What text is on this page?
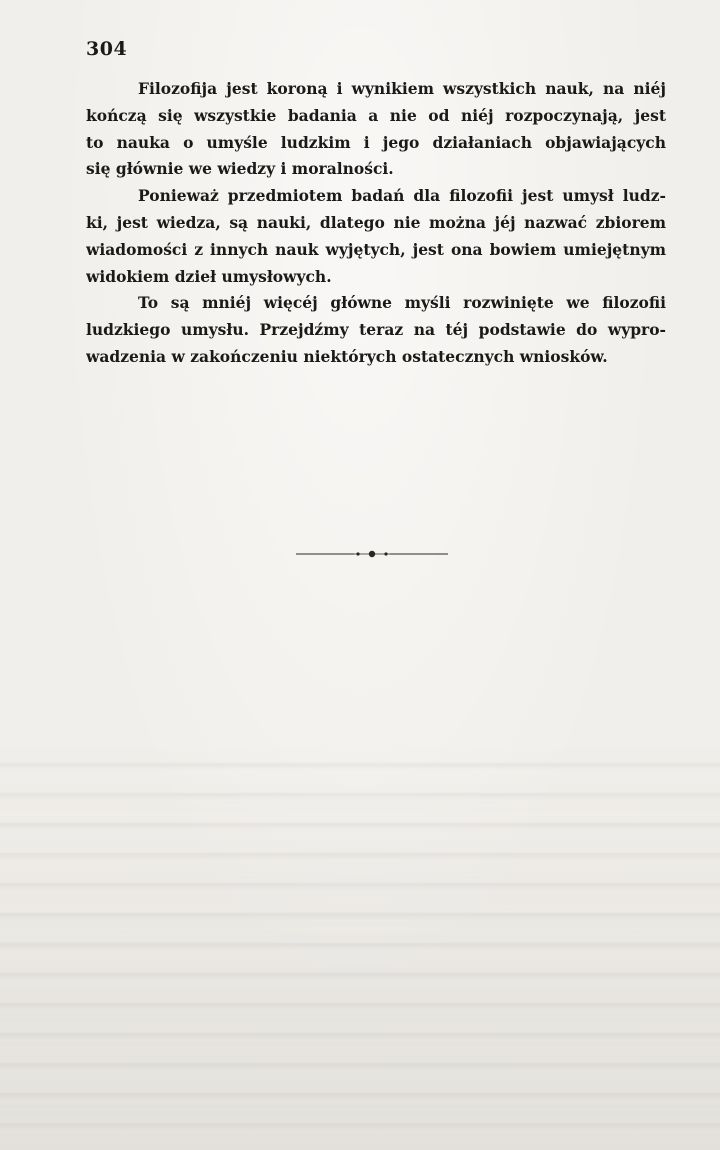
304
Filozofija jest koroną i wynikiem wszystkich nauk, na niéj
kończą się wszystkie badania a nie od niéj rozpoczynają, jest
to nauka o umyśle ludzkim i jego działaniach objawiających
się głównie we wiedzy i moralności.
Ponieważ przedmiotem badań dla filozofii jest umysł ludz-
ki, jest wiedza, są nauki, dlatego nie można jéj nazwać zbiorem
wiadomości z innych nauk wyjętych, jest ona bowiem umiejętnym
widokiem dzieł umysłowych.
To są mniéj więcéj główne myśli rozwinięte we filozofii
ludzkiego umysłu. Przejdźmy teraz na téj podstawie do wypro-
wadzenia w zakończeniu niektórych ostatecznych wniosków.
